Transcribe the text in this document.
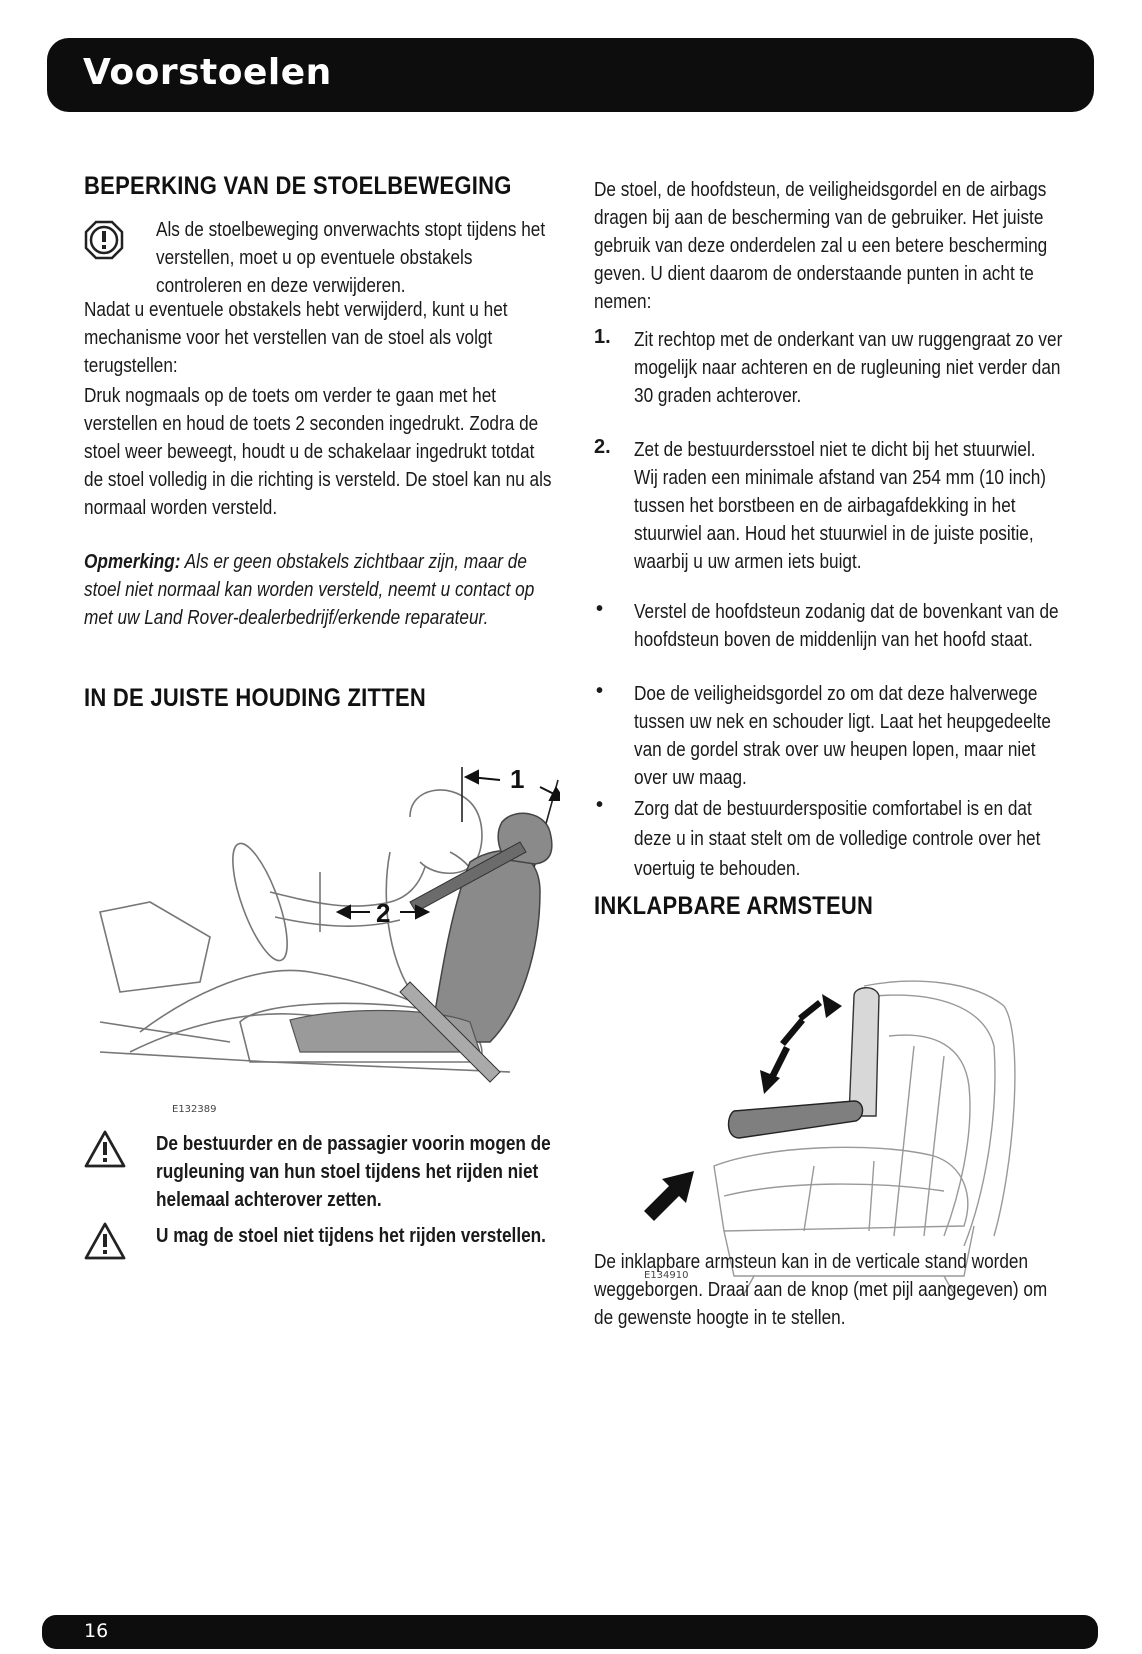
Voorstoelen
BEPERKING VAN DE STOELBEWEGING

Als de stoelbeweging onverwachts stopt tijdens het verstellen, moet u op eventuele obstakels controleren en deze verwijderen.

Nadat u eventuele obstakels hebt verwijderd, kunt u het mechanisme voor het verstellen van de stoel als volgt terugstellen:

Druk nogmaals op de toets om verder te gaan met het verstellen en houd de toets 2 seconden ingedrukt. Zodra de stoel weer beweegt, houdt u de schakelaar ingedrukt totdat de stoel volledig in die richting is versteld. De stoel kan nu als normaal worden versteld.

Opmerking: Als er geen obstakels zichtbaar zijn, maar de stoel niet normaal kan worden versteld, neemt u contact op met uw Land Rover-dealerbedrijf/erkende reparateur.

IN DE JUISTE HOUDING ZITTEN
1
2
E132389

De bestuurder en de passagier voorin mogen de rugleuning van hun stoel tijdens het rijden niet helemaal achterover zetten.

U mag de stoel niet tijdens het rijden verstellen.

De stoel, de hoofdsteun, de veiligheidsgordel en de airbags dragen bij aan de bescherming van de gebruiker. Het juiste gebruik van deze onderdelen zal u een betere bescherming geven. U dient daarom de onderstaande punten in acht te nemen:

1. Zit rechtop met de onderkant van uw ruggengraat zo ver mogelijk naar achteren en de rugleuning niet verder dan 30 graden achterover.

2. Zet de bestuurdersstoel niet te dicht bij het stuurwiel. Wij raden een minimale afstand van 254 mm (10 inch) tussen het borstbeen en de airbagafdekking in het stuurwiel aan. Houd het stuurwiel in de juiste positie, waarbij u uw armen iets buigt.

• Verstel de hoofdsteun zodanig dat de bovenkant van de hoofdsteun boven de middenlijn van het hoofd staat.

• Doe de veiligheidsgordel zo om dat deze halverwege tussen uw nek en schouder ligt. Laat het heupgedeelte van de gordel strak over uw heupen lopen, maar niet over uw maag.

• Zorg dat de bestuurderspositie comfortabel is en dat deze u in staat stelt om de volledige controle over het voertuig te behouden.

INKLAPBARE ARMSTEUN
E134910

De inklapbare armsteun kan in de verticale stand worden weggeborgen. Draai aan de knop (met pijl aangegeven) om de gewenste hoogte in te stellen.

16
